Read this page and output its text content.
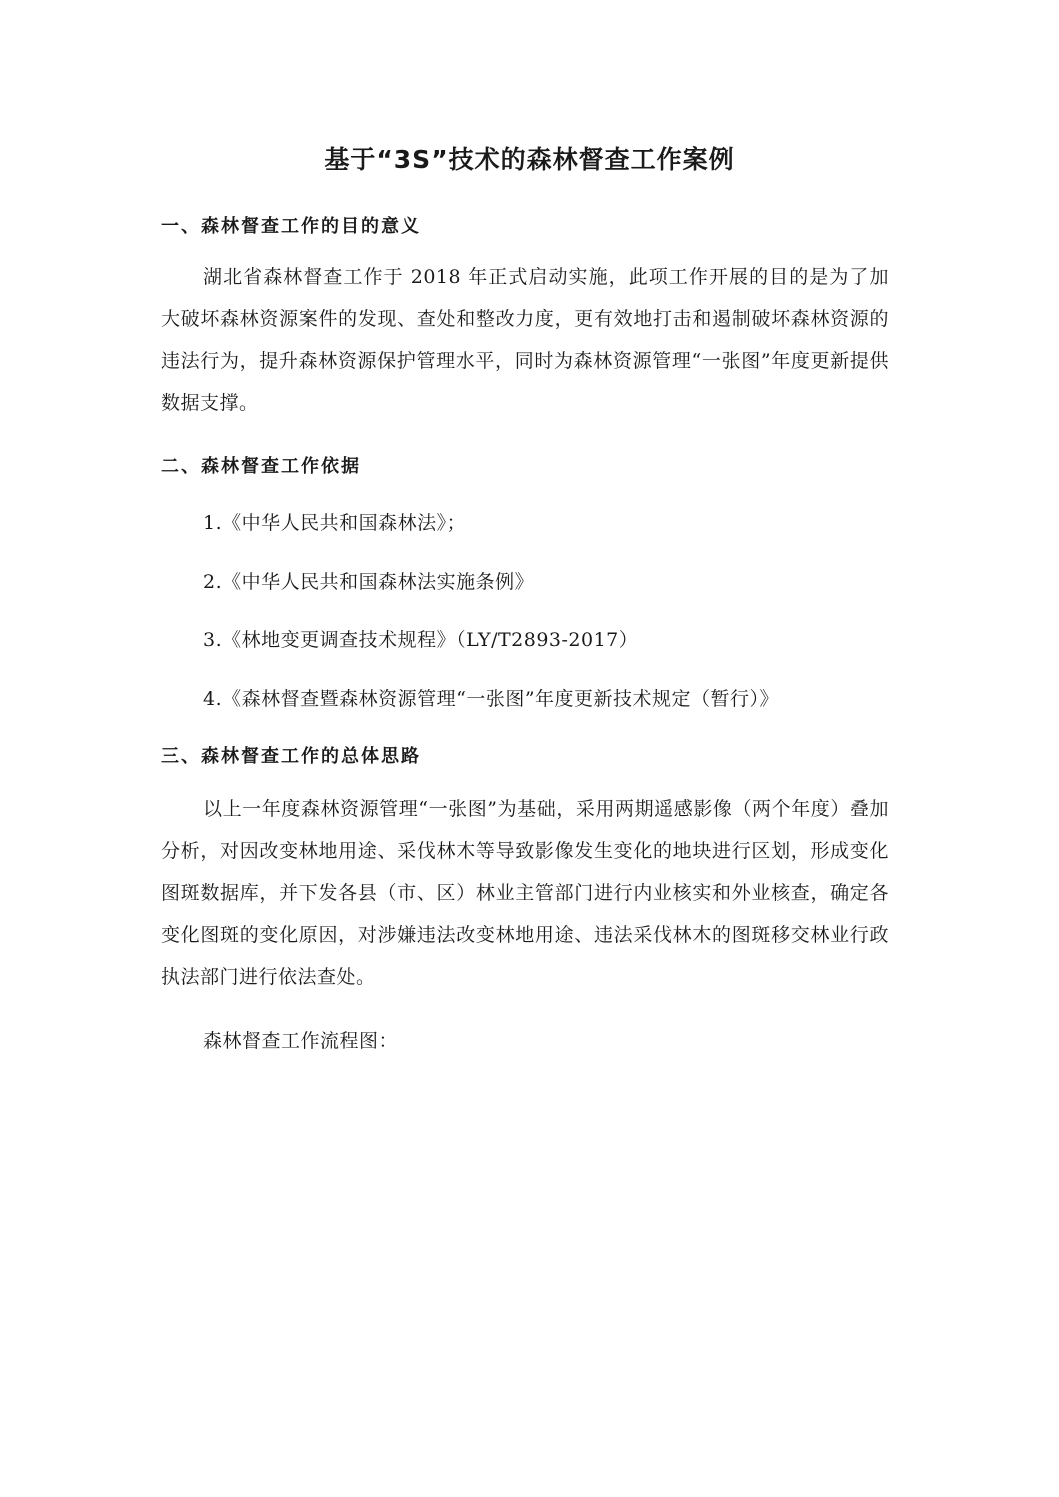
基于“3S”技术的森林督查工作案例
一、森林督查工作的目的意义
湖北省森林督查工作于 2018 年正式启动实施，此项工作开展的目的是为了加大破坏森林资源案件的发现、查处和整改力度，更有效地打击和遏制破坏森林资源的违法行为，提升森林资源保护管理水平，同时为森林资源管理“一张图”年度更新提供数据支撑。
二、森林督查工作依据
1.《中华人民共和国森林法》；
2.《中华人民共和国森林法实施条例》
3.《林地变更调查技术规程》（LY/T2893-2017）
4.《森林督查暨森林资源管理“一张图”年度更新技术规定（暂行）》
三、森林督查工作的总体思路
以上一年度森林资源管理“一张图”为基础，采用两期遥感影像（两个年度）叠加分析，对因改变林地用途、采伐林木等导致影像发生变化的地块进行区划，形成变化图斑数据库，并下发各县（市、区）林业主管部门进行内业核实和外业核查，确定各变化图斑的变化原因，对涉嫌违法改变林地用途、违法采伐林木的图斑移交林业行政执法部门进行依法查处。
森林督查工作流程图：
